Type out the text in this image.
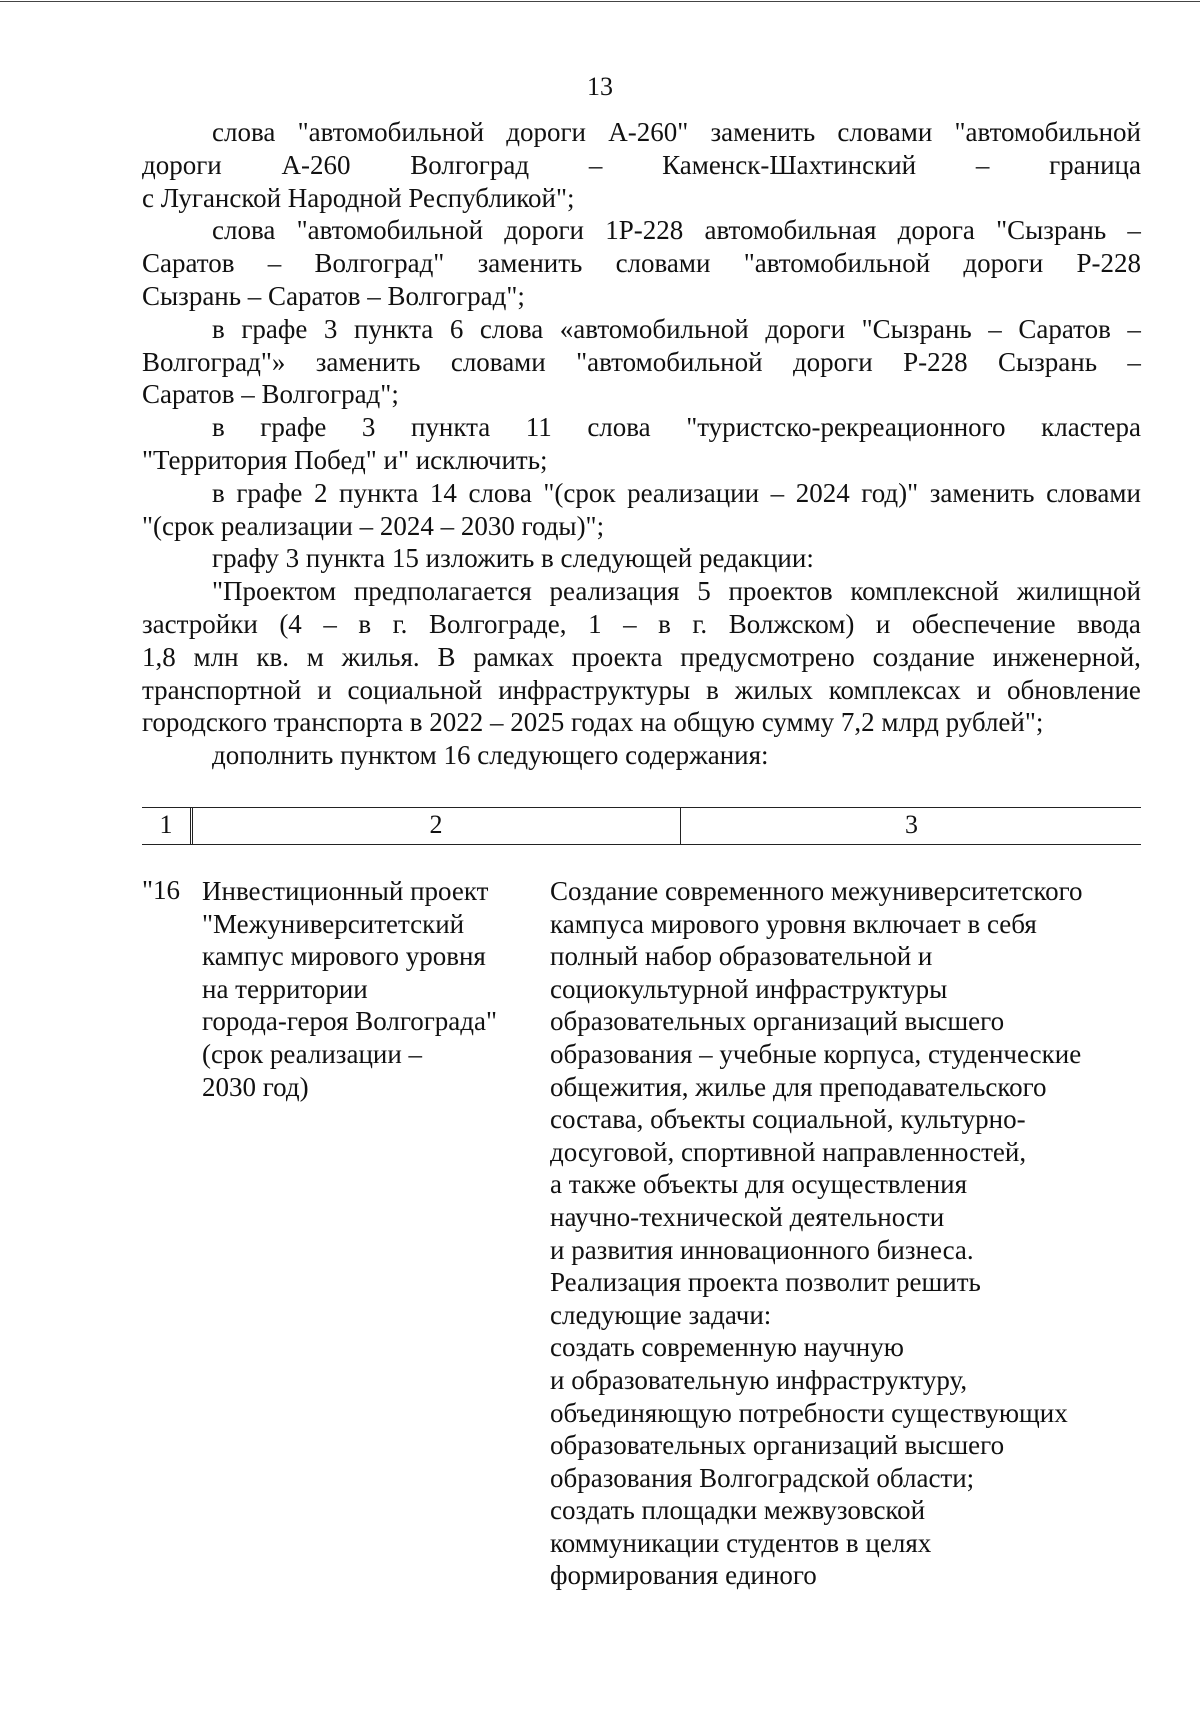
13
слова "автомобильной дороги А-260" заменить словами "автомобильной
дороги А-260 Волгоград – Каменск-Шахтинский – граница
с Луганской Народной Республикой";
слова "автомобильной дороги 1Р-228 автомобильная дорога "Сызрань –
Саратов – Волгоград" заменить словами "автомобильной дороги Р-228
Сызрань – Саратов – Волгоград";
в графе 3 пункта 6 слова «автомобильной дороги "Сызрань – Саратов –
Волгоград"» заменить словами "автомобильной дороги Р-228 Сызрань –
Саратов – Волгоград";
в графе 3 пункта 11 слова "туристско-рекреационного кластера
"Территория Побед" и" исключить;
в графе 2 пункта 14 слова "(срок реализации – 2024 год)" заменить словами
"(срок реализации – 2024 – 2030 годы)";
графу 3 пункта 15 изложить в следующей редакции:
"Проектом предполагается реализация 5 проектов комплексной жилищной
застройки (4 – в г. Волгограде, 1 – в г. Волжском) и обеспечение ввода
1,8 млн кв. м жилья. В рамках проекта предусмотрено создание инженерной,
транспортной и социальной инфраструктуры в жилых комплексах и обновление
городского транспорта в 2022 – 2025 годах на общую сумму 7,2 млрд рублей";
дополнить пунктом 16 следующего содержания:
1	2	3
"16 Инвестиционный проект
"Межуниверситетский
кампус мирового уровня
на территории
города-героя Волгограда"
(срок реализации –
2030 год)
Создание современного межуниверситетского
кампуса мирового уровня включает в себя
полный набор образовательной и
социокультурной инфраструктуры
образовательных организаций высшего
образования – учебные корпуса, студенческие
общежития, жилье для преподавательского
состава, объекты социальной, культурно-
досуговой, спортивной направленностей,
а также объекты для осуществления
научно-технической деятельности
и развития инновационного бизнеса.
Реализация проекта позволит решить
следующие задачи:
создать современную научную
и образовательную инфраструктуру,
объединяющую потребности существующих
образовательных организаций высшего
образования Волгоградской области;
создать площадки межвузовской
коммуникации студентов в целях
формирования единого
